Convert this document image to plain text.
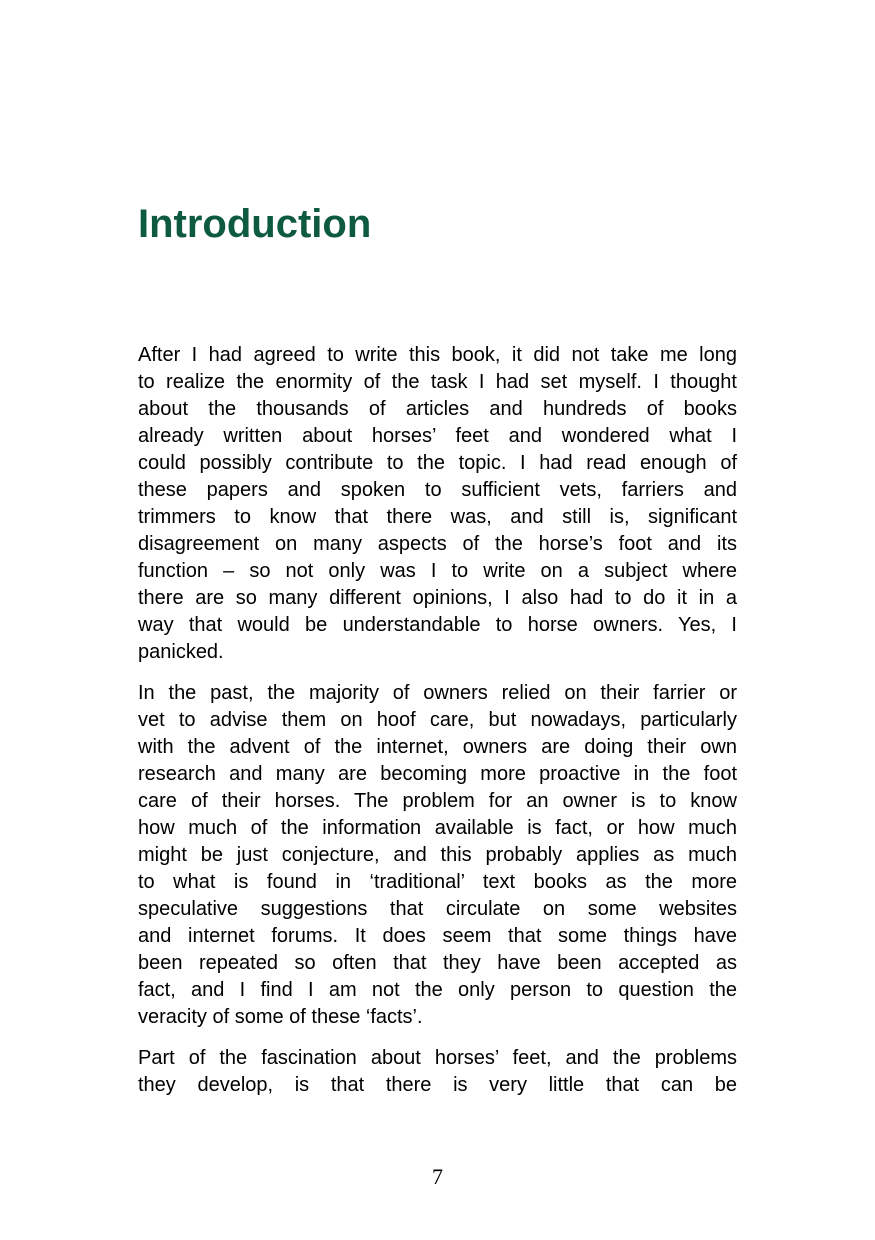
Introduction

After I had agreed to write this book, it did not take me long
to realize the enormity of the task I had set myself. I thought
about the thousands of articles and hundreds of books
already written about horses’ feet and wondered what I
could possibly contribute to the topic. I had read enough of
these papers and spoken to sufficient vets, farriers and
trimmers to know that there was, and still is, significant
disagreement on many aspects of the horse’s foot and its
function – so not only was I to write on a subject where
there are so many different opinions, I also had to do it in a
way that would be understandable to horse owners. Yes, I
panicked.

In the past, the majority of owners relied on their farrier or
vet to advise them on hoof care, but nowadays, particularly
with the advent of the internet, owners are doing their own
research and many are becoming more proactive in the foot
care of their horses. The problem for an owner is to know
how much of the information available is fact, or how much
might be just conjecture, and this probably applies as much
to what is found in ‘traditional’ text books as the more
speculative suggestions that circulate on some websites
and internet forums. It does seem that some things have
been repeated so often that they have been accepted as
fact, and I find I am not the only person to question the
veracity of some of these ‘facts’.

Part of the fascination about horses’ feet, and the problems
they develop, is that there is very little that can be

7
